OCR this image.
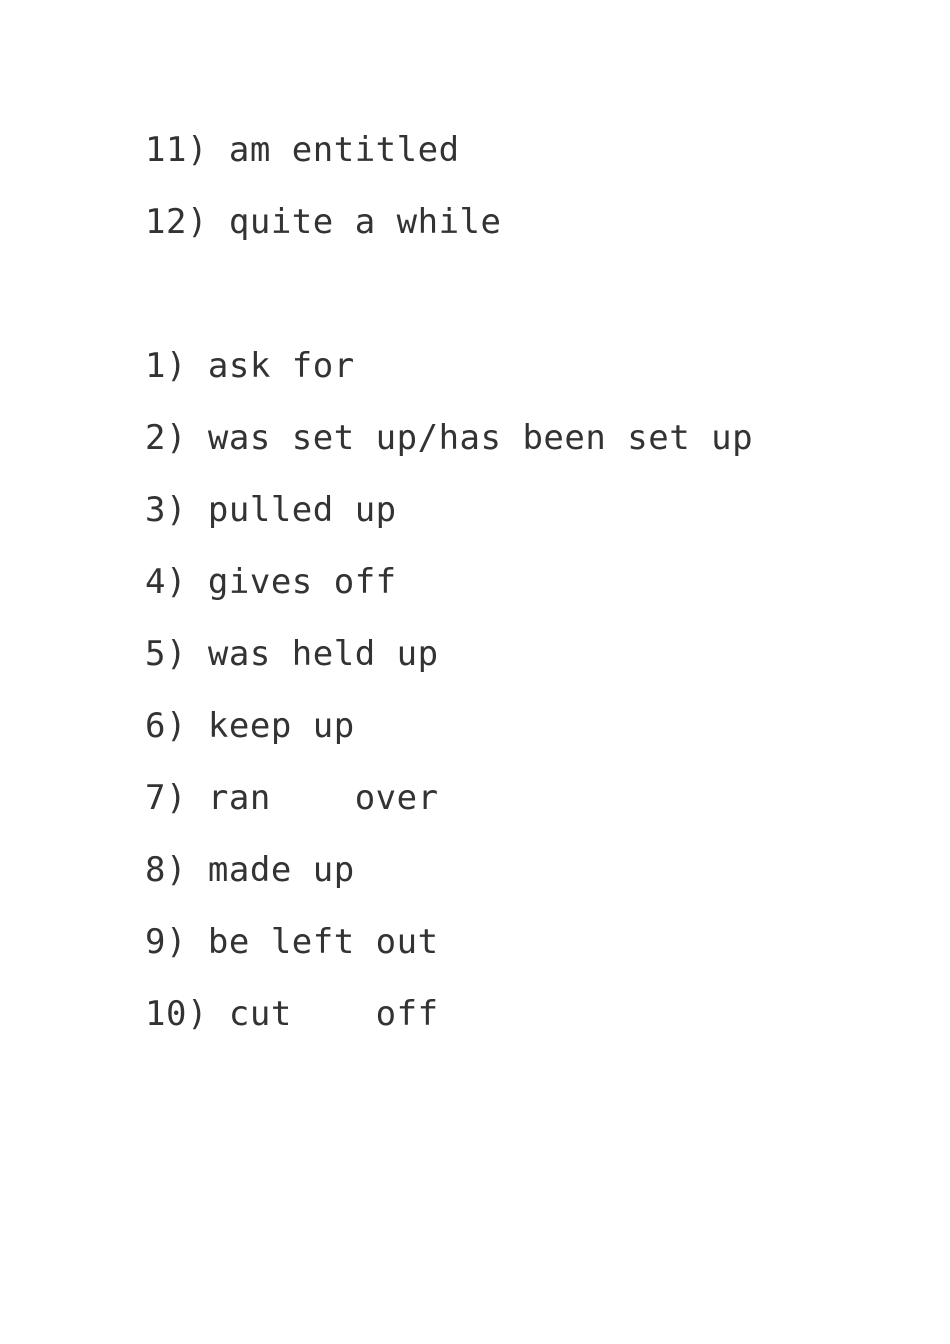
11) am entitled
12) quite a while
1) ask for
2) was set up/has been set up
3) pulled up
4) gives off
5) was held up
6) keep up
7) ran    over
8) made up
9) be left out
10) cut    off
